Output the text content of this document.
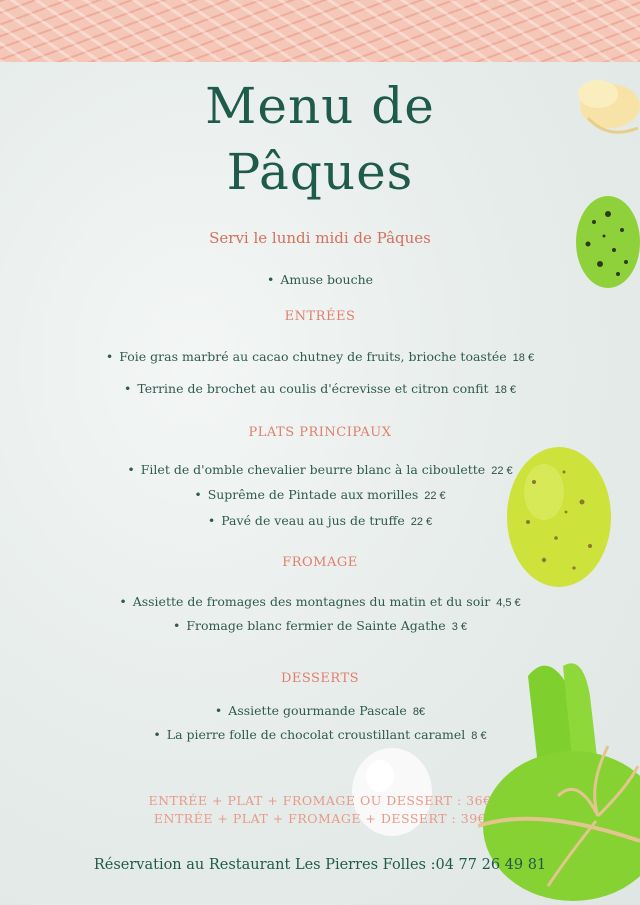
Menu de
Pâques
Servi le lundi midi de Pâques
• Amuse bouche
ENTRÉES
• Foie gras marbré au cacao chutney de fruits, brioche toastée 18 €
• Terrine de brochet au coulis d'écrevisse et citron confit 18 €
PLATS PRINCIPAUX
• Filet de d'omble chevalier beurre blanc à la ciboulette 22 €
• Suprême de Pintade aux morilles 22 €
• Pavé de veau au jus de truffe 22 €
FROMAGE
• Assiette de fromages des montagnes du matin et du soir 4,5 €
• Fromage blanc fermier de Sainte Agathe 3 €
DESSERTS
• Assiette gourmande Pascale 8€
• La pierre folle de chocolat croustillant caramel 8 €
ENTRÉE + PLAT + FROMAGE OU DESSERT : 36€
ENTRÉE + PLAT + FROMAGE + DESSERT : 39€
Réservation au Restaurant Les Pierres Folles :04 77 26 49 81
